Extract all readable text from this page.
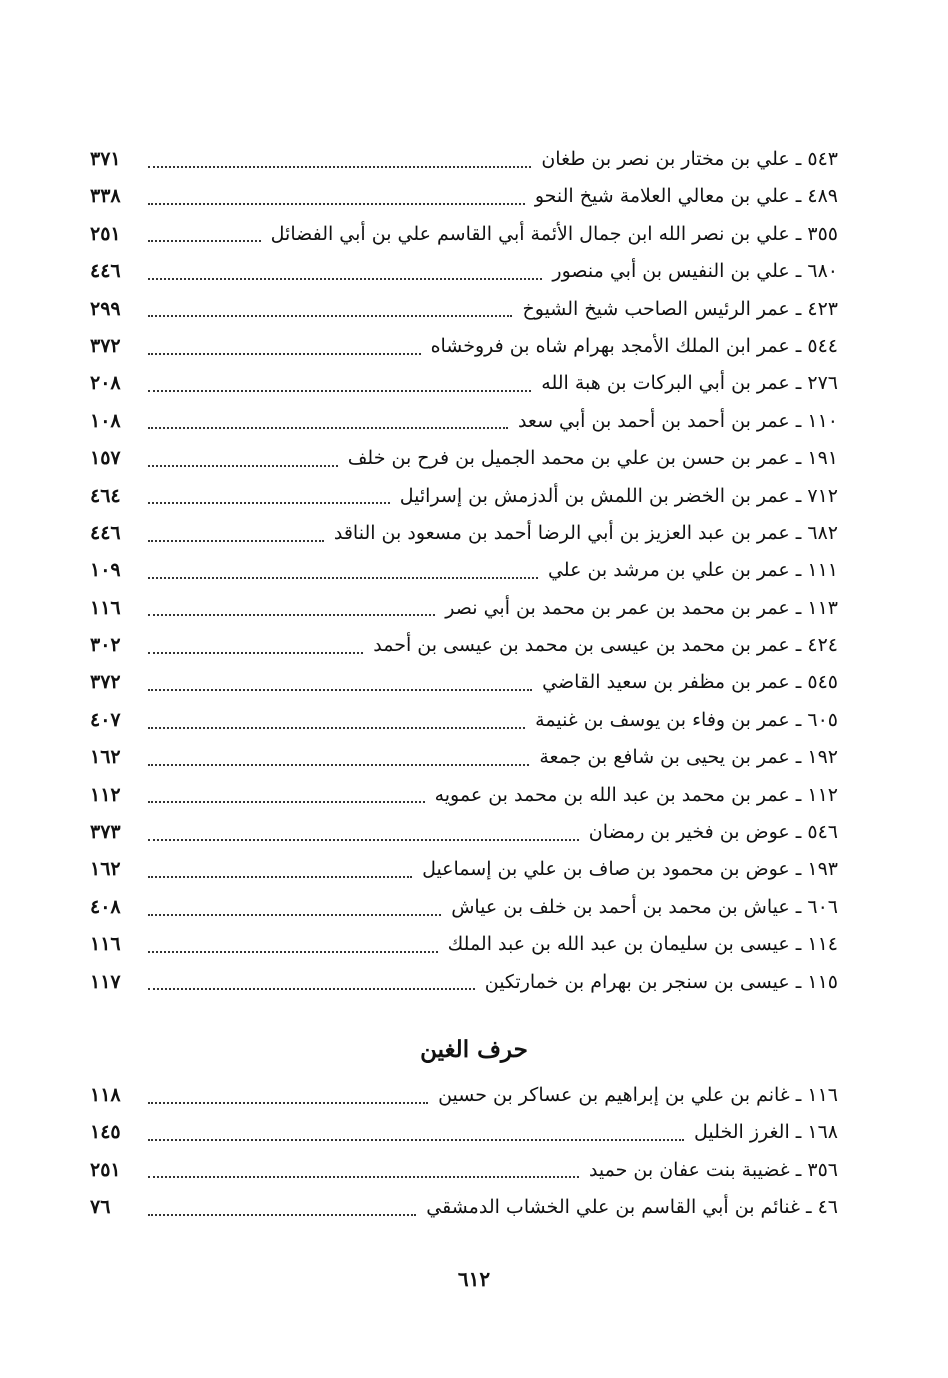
٥٤٣ ـ علي بن مختار بن نصر بن طغان
٣٧١
٤٨٩ ـ علي بن معالي العلامة شيخ النحو
٣٣٨
٣٥٥ ـ علي بن نصر الله ابن جمال الأئمة أبي القاسم علي بن أبي الفضائل
٢٥١
٦٨٠ ـ علي بن النفيس بن أبي منصور
٤٤٦
٤٢٣ ـ عمر الرئيس الصاحب شيخ الشيوخ
٢٩٩
٥٤٤ ـ عمر ابن الملك الأمجد بهرام شاه بن فروخشاه
٣٧٢
٢٧٦ ـ عمر بن أبي البركات بن هبة الله
٢٠٨
١١٠ ـ عمر بن أحمد بن أحمد بن أبي سعد
١٠٨
١٩١ ـ عمر بن حسن بن علي بن محمد الجميل بن فرح بن خلف
١٥٧
٧١٢ ـ عمر بن الخضر بن اللمش بن ألدزمش بن إسرائيل
٤٦٤
٦٨٢ ـ عمر بن عبد العزيز بن أبي الرضا أحمد بن مسعود بن الناقد
٤٤٦
١١١ ـ عمر بن علي بن مرشد بن علي
١٠٩
١١٣ ـ عمر بن محمد بن عمر بن محمد بن أبي نصر
١١٦
٤٢٤ ـ عمر بن محمد بن عيسى بن محمد بن عيسى بن أحمد
٣٠٢
٥٤٥ ـ عمر بن مظفر بن سعيد القاضي
٣٧٢
٦٠٥ ـ عمر بن وفاء بن يوسف بن غنيمة
٤٠٧
١٩٢ ـ عمر بن يحيى بن شافع بن جمعة
١٦٢
١١٢ ـ عمر بن محمد بن عبد الله بن محمد بن عمويه
١١٢
٥٤٦ ـ عوض بن فخير بن رمضان
٣٧٣
١٩٣ ـ عوض بن محمود بن صاف بن علي بن إسماعيل
١٦٢
٦٠٦ ـ عياش بن محمد بن أحمد بن خلف بن عياش
٤٠٨
١١٤ ـ عيسى بن سليمان بن عبد الله بن عبد الملك
١١٦
١١٥ ـ عيسى بن سنجر بن بهرام بن خمارتكين
١١٧
حرف الغين
١١٦ ـ غانم بن علي بن إبراهيم بن عساكر بن حسين
١١٨
١٦٨ ـ الغرز الخليل
١٤٥
٣٥٦ ـ غضيبة بنت عفان بن حميد
٢٥١
٤٦ ـ غنائم بن أبي القاسم بن علي الخشاب الدمشقي
٧٦
٦١٢
